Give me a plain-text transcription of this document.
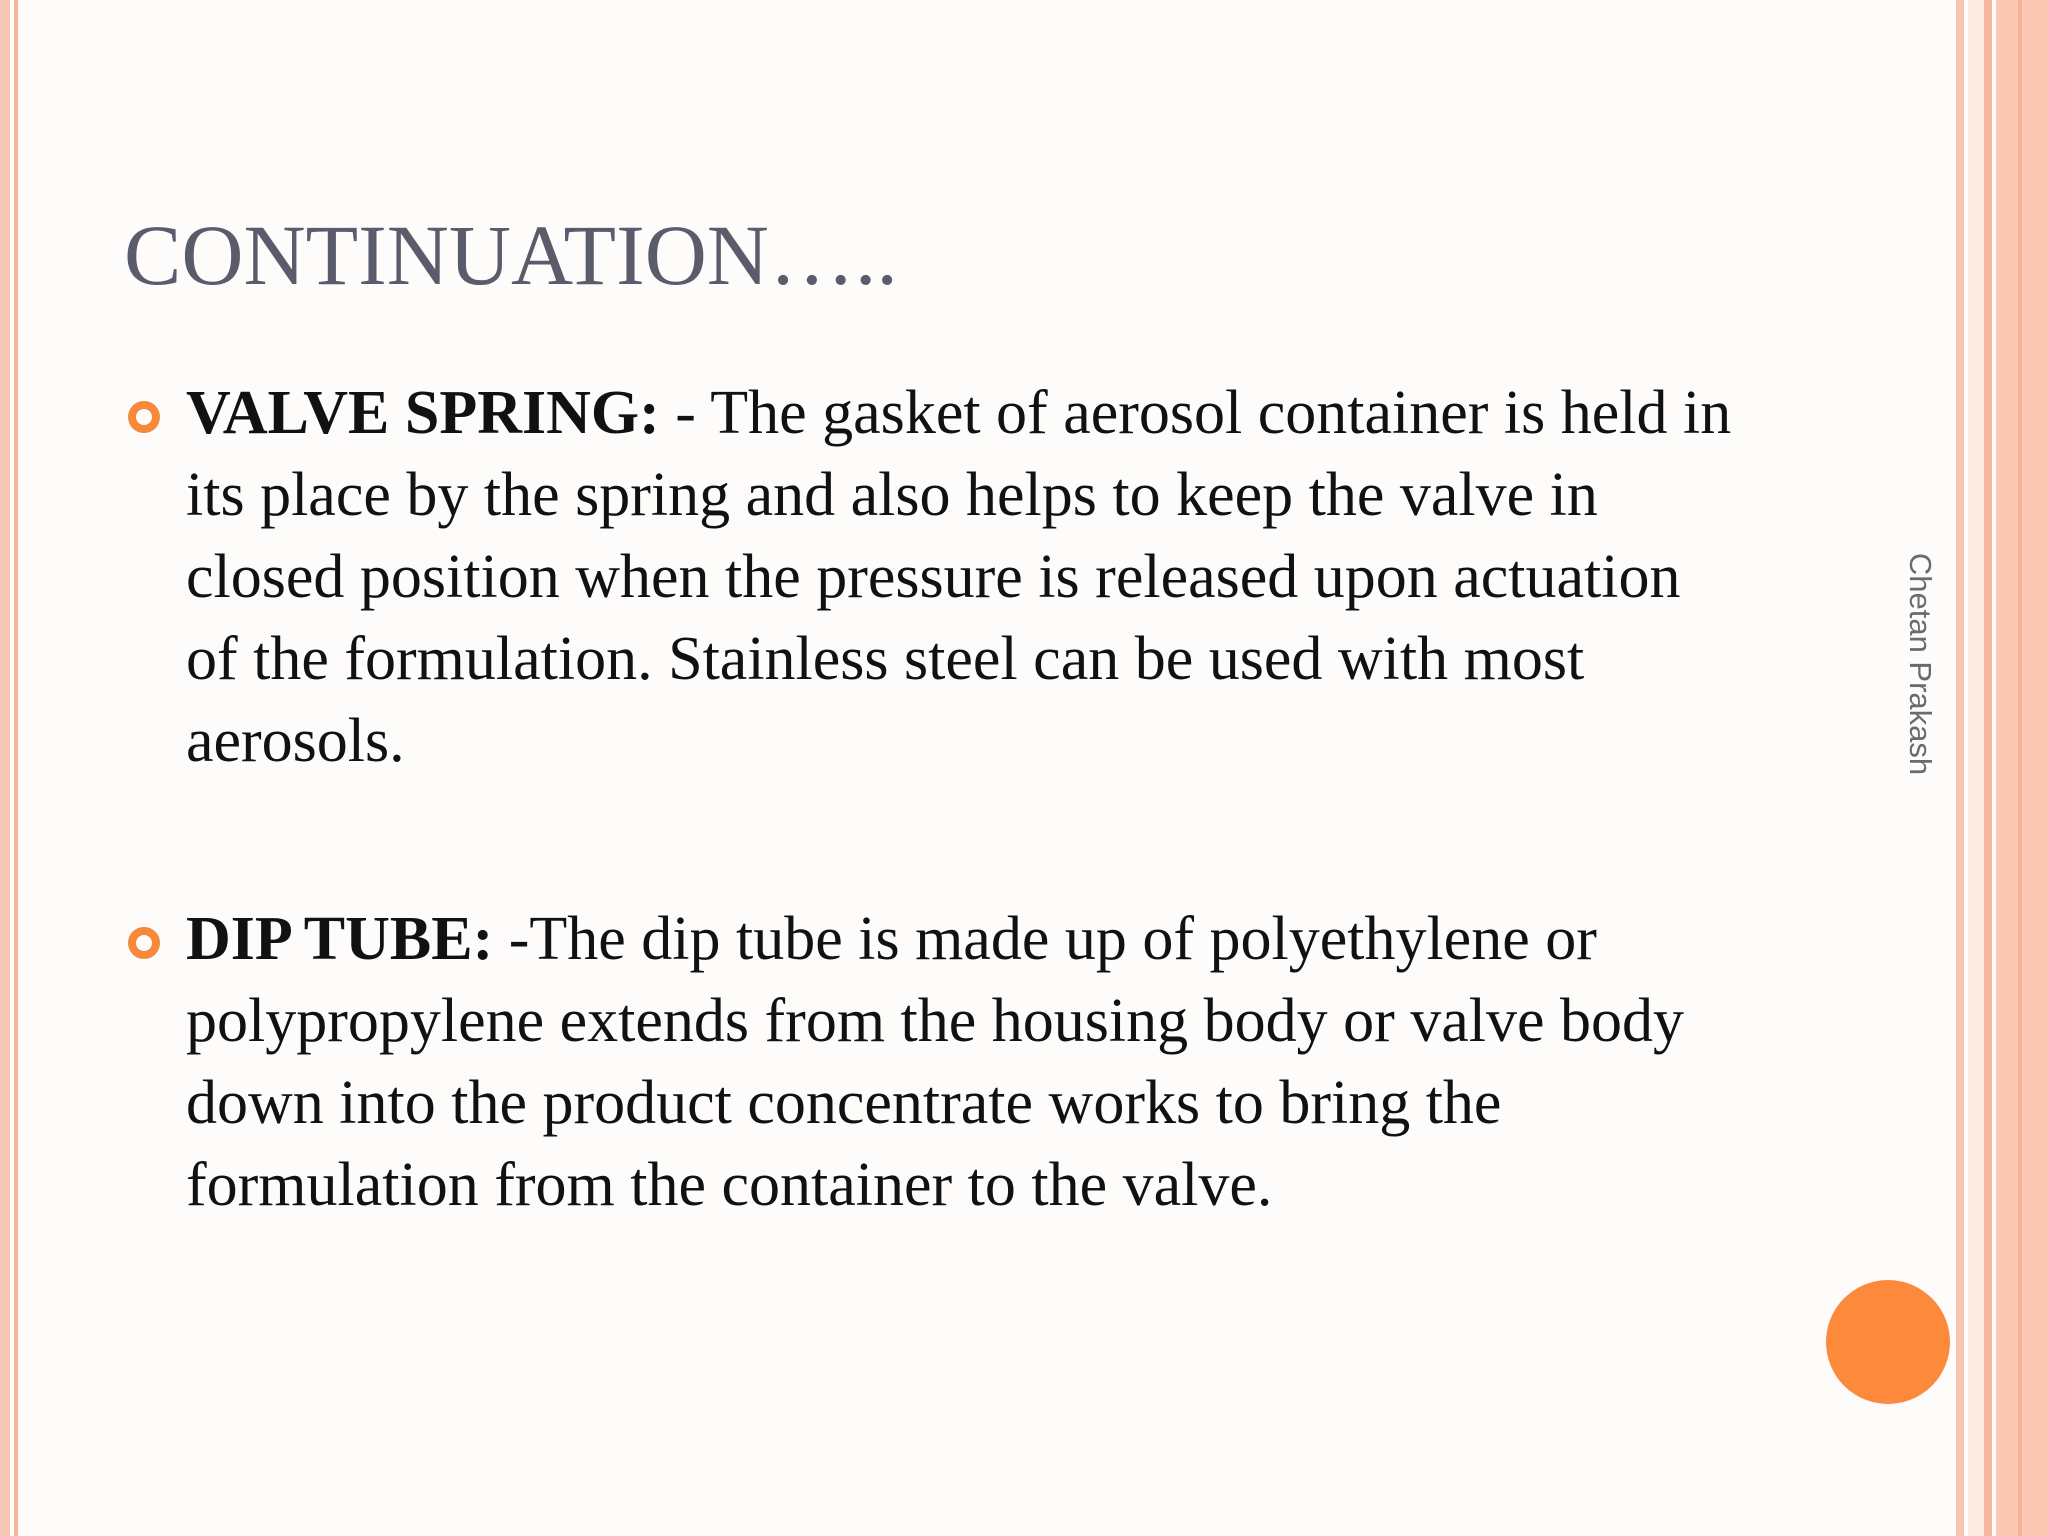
CONTINUATION…..
VALVE SPRING: - The gasket of aerosol container is held in its place by the spring and also helps to keep the valve in closed position when the pressure is released upon actuation of the formulation. Stainless steel can be used with most aerosols.
DIP TUBE: -The dip tube is made up of polyethylene or polypropylene extends from the housing body or valve body down into the product concentrate works to bring the formulation from the container to the valve.
Chetan Prakash
